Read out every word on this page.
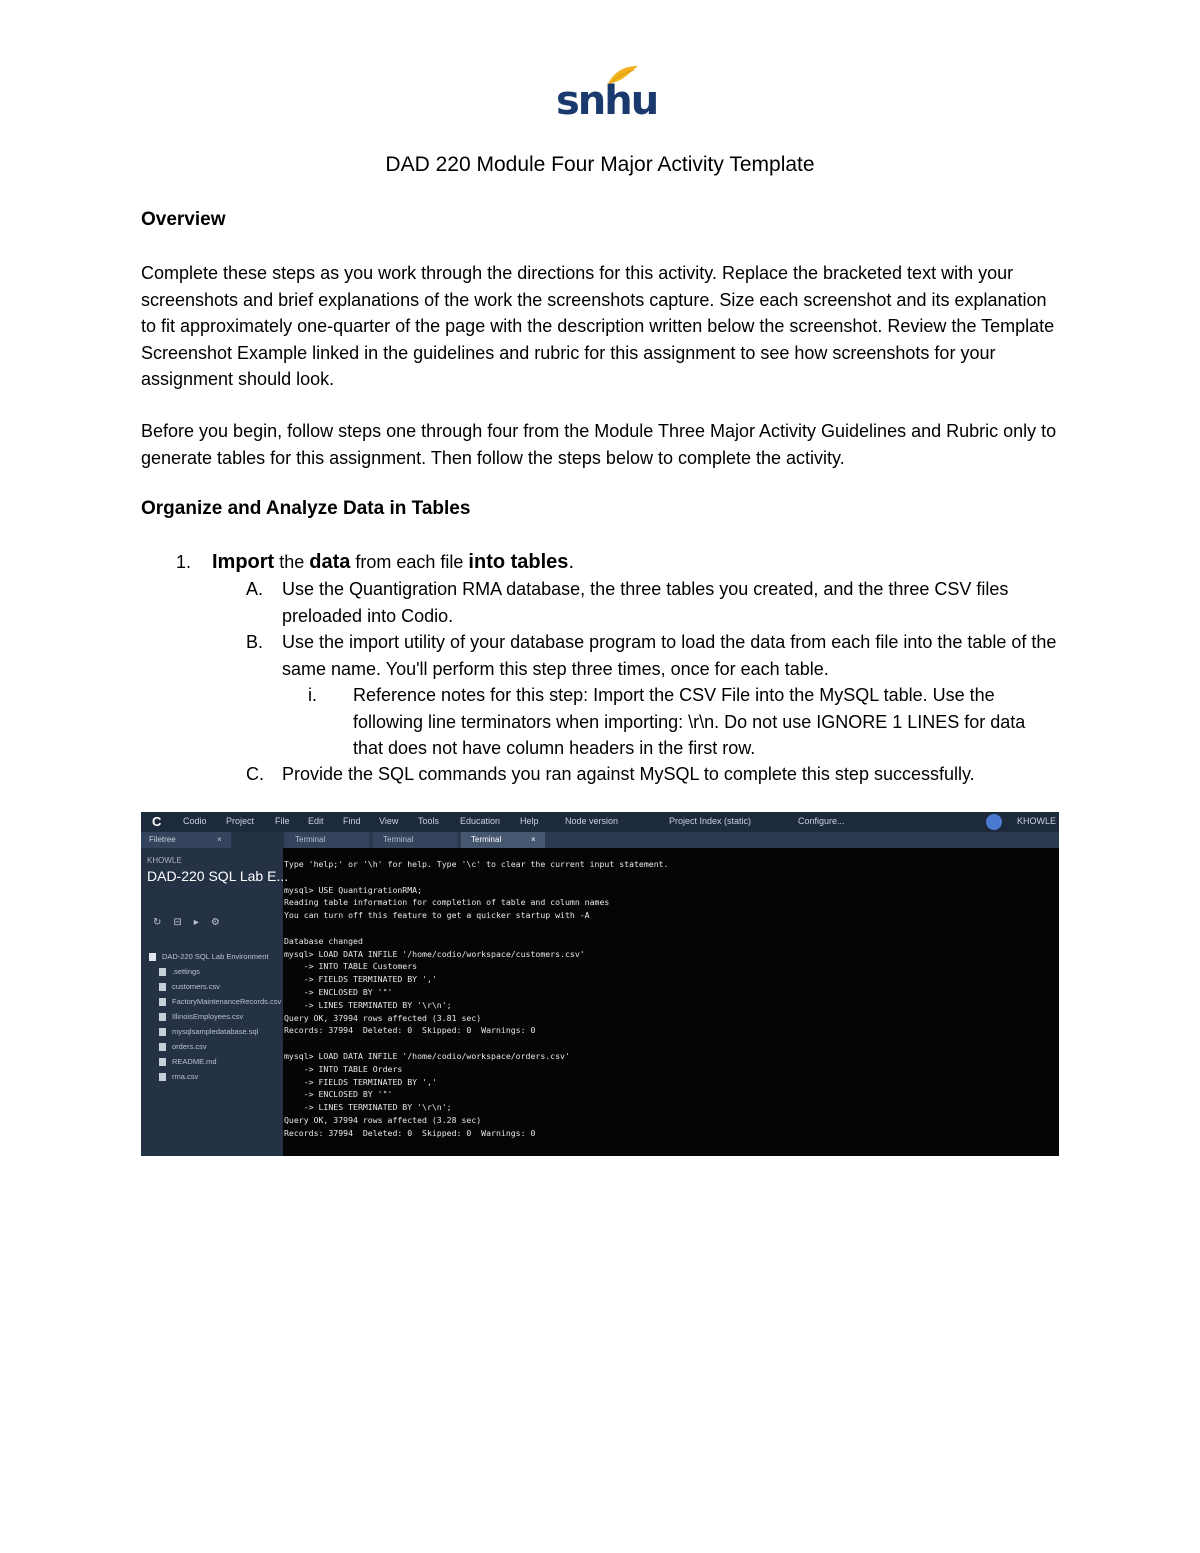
snhu
DAD 220 Module Four Major Activity Template
Overview
Complete these steps as you work through the directions for this activity. Replace the bracketed text with your screenshots and brief explanations of the work the screenshots capture. Size each screenshot and its explanation to fit approximately one-quarter of the page with the description written below the screenshot. Review the Template Screenshot Example linked in the guidelines and rubric for this assignment to see how screenshots for your assignment should look.
Before you begin, follow steps one through four from the Module Three Major Activity Guidelines and Rubric only to generate tables for this assignment. Then follow the steps below to complete the activity.
Organize and Analyze Data in Tables
1. Import the data from each file into tables.
A. Use the Quantigration RMA database, the three tables you created, and the three CSV files preloaded into Codio.
B. Use the import utility of your database program to load the data from each file into the table of the same name. You'll perform this step three times, once for each table.
i. Reference notes for this step: Import the CSV File into the MySQL table. Use the following line terminators when importing: \r\n. Do not use IGNORE 1 LINES for data that does not have column headers in the first row.
C. Provide the SQL commands you ran against MySQL to complete this step successfully.
C	Codio Project File Edit Find View Tools Education Help	Node version	Project Index (static)	Configure...	KHOWLE
Filetree	×
KHOWLE
DAD-220 SQL Lab E...
↻ ⊟ ▸ ⚙
DAD-220 SQL Lab Environment
.settings
customers.csv
FactoryMaintenanceRecords.csv
IllinoisEmployees.csv
mysqlsampledatabase.sql
orders.csv
README.md
rma.csv
Terminal	Terminal	Terminal	×
Type 'help;' or '\h' for help. Type '\c' to clear the current input statement.

mysql> USE QuantigrationRMA;
Reading table information for completion of table and column names
You can turn off this feature to get a quicker startup with -A

Database changed
mysql> LOAD DATA INFILE '/home/codio/workspace/customers.csv'
-> INTO TABLE Customers
-> FIELDS TERMINATED BY ','
-> ENCLOSED BY '"'
-> LINES TERMINATED BY '\r\n';
Query OK, 37994 rows affected (3.81 sec)
Records: 37994  Deleted: 0  Skipped: 0  Warnings: 0

mysql> LOAD DATA INFILE '/home/codio/workspace/orders.csv'
-> INTO TABLE Orders
-> FIELDS TERMINATED BY ','
-> ENCLOSED BY '"'
-> LINES TERMINATED BY '\r\n';
Query OK, 37994 rows affected (3.28 sec)
Records: 37994  Deleted: 0  Skipped: 0  Warnings: 0
